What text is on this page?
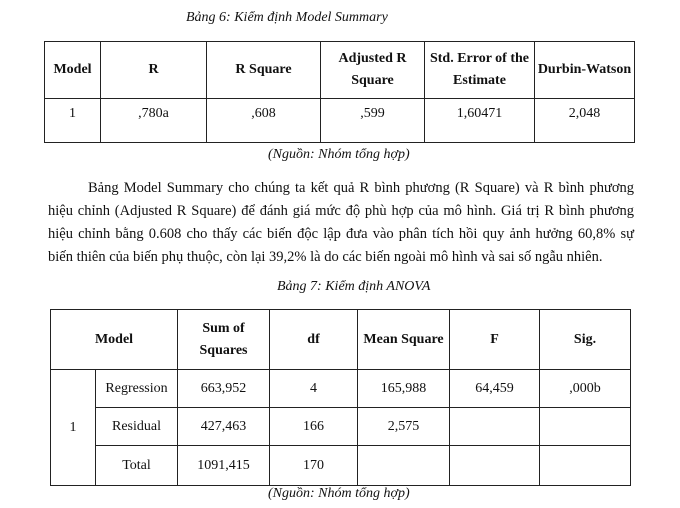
Bảng 6: Kiểm định Model Summary
Model	R	R Square	Adjusted R Square	Std. Error of the Estimate	Durbin-Watson
1	,780a	,608	,599	1,60471	2,048
(Nguồn: Nhóm tổng hợp)
Bảng Model Summary cho chúng ta kết quả R bình phương (R Square) và R bình phương hiệu chỉnh (Adjusted R Square) để đánh giá mức độ phù hợp của mô hình. Giá trị R bình phương hiệu chỉnh bằng 0.608 cho thấy các biến độc lập đưa vào phân tích hồi quy ảnh hưởng 60,8% sự biến thiên của biến phụ thuộc, còn lại 39,2% là do các biến ngoài mô hình và sai số ngẫu nhiên.
Bảng 7: Kiểm định ANOVA
Model		Sum of Squares	df	Mean Square	F	Sig.
1	Regression	663,952	4	165,988	64,459	,000b
	Residual	427,463	166	2,575		
	Total	1091,415	170			
(Nguồn: Nhóm tổng hợp)
